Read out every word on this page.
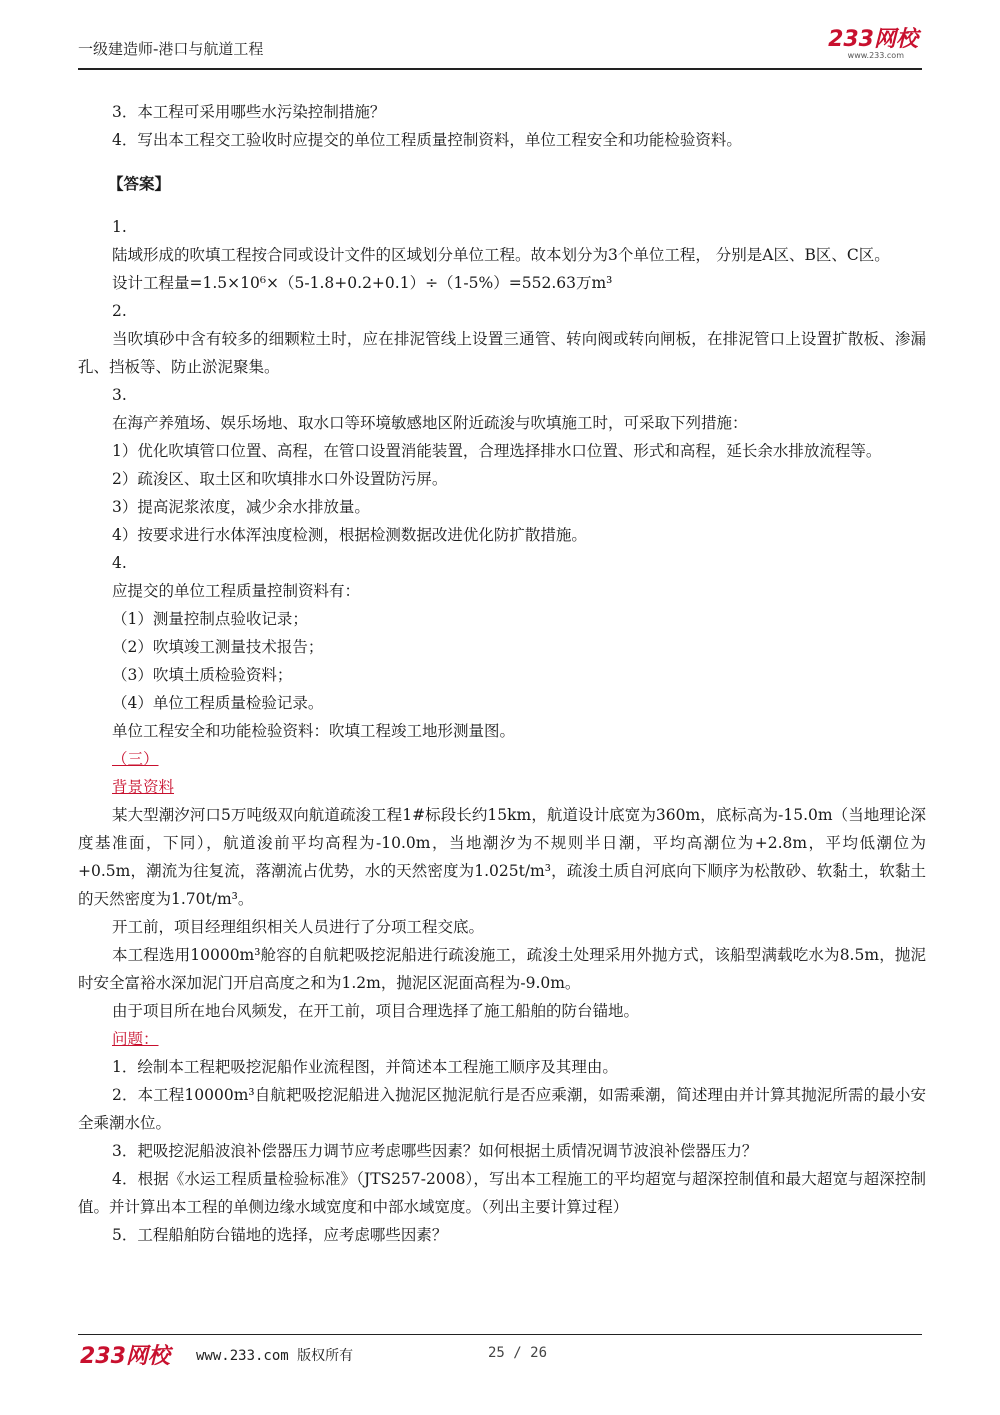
一级建造师-港口与航道工程	233网校
www.233.com

3．本工程可采用哪些水污染控制措施？

4．写出本工程交工验收时应提交的单位工程质量控制资料，单位工程安全和功能检验资料。

【答案】

1.

陆域形成的吹填工程按合同或设计文件的区域划分单位工程。故本划分为3个单位工程， 分别是A区、B区、C区。

设计工程量=1.5×10⁶×（5-1.8+0.2+0.1）÷（1-5%）=552.63万m³

2.

当吹填砂中含有较多的细颗粒土时，应在排泥管线上设置三通管、转向阀或转向闸板，在排泥管口上设置扩散板、渗漏孔、挡板等、防止淤泥聚集。

3.

在海产养殖场、娱乐场地、取水口等环境敏感地区附近疏浚与吹填施工时，可采取下列措施：

1）优化吹填管口位置、高程，在管口设置消能装置，合理选择排水口位置、形式和高程，延长余水排放流程等。

2）疏浚区、取土区和吹填排水口外设置防污屏。

3）提高泥浆浓度，减少余水排放量。

4）按要求进行水体浑浊度检测，根据检测数据改进优化防扩散措施。

4.

应提交的单位工程质量控制资料有：

（1）测量控制点验收记录；

（2）吹填竣工测量技术报告；

（3）吹填土质检验资料；

（4）单位工程质量检验记录。

单位工程安全和功能检验资料：吹填工程竣工地形测量图。

（三）

背景资料

某大型潮汐河口5万吨级双向航道疏浚工程1#标段长约15km，航道设计底宽为360m，底标高为-15.0m（当地理论深度基准面，下同），航道浚前平均高程为-10.0m，当地潮汐为不规则半日潮，平均高潮位为+2.8m，平均低潮位为+0.5m，潮流为往复流，落潮流占优势，水的天然密度为1.025t/m³，疏浚土质自河底向下顺序为松散砂、软黏土，软黏土的天然密度为1.70t/m³。

开工前，项目经理组织相关人员进行了分项工程交底。

本工程选用10000m³舱容的自航耙吸挖泥船进行疏浚施工，疏浚土处理采用外抛方式，该船型满载吃水为8.5m，抛泥时安全富裕水深加泥门开启高度之和为1.2m，抛泥区泥面高程为-9.0m。

由于项目所在地台风频发，在开工前，项目合理选择了施工船舶的防台锚地。

问题：

1．绘制本工程耙吸挖泥船作业流程图，并简述本工程施工顺序及其理由。

2．本工程10000m³自航耙吸挖泥船进入抛泥区抛泥航行是否应乘潮，如需乘潮，简述理由并计算其抛泥所需的最小安全乘潮水位。

3．耙吸挖泥船波浪补偿器压力调节应考虑哪些因素？如何根据土质情况调节波浪补偿器压力？

4．根据《水运工程质量检验标准》（JTS257-2008），写出本工程施工的平均超宽与超深控制值和最大超宽与超深控制值。并计算出本工程的单侧边缘水域宽度和中部水域宽度。（列出主要计算过程）

5．工程船舶防台锚地的选择，应考虑哪些因素？

233网校 www.233.com 版权所有	25 / 26
